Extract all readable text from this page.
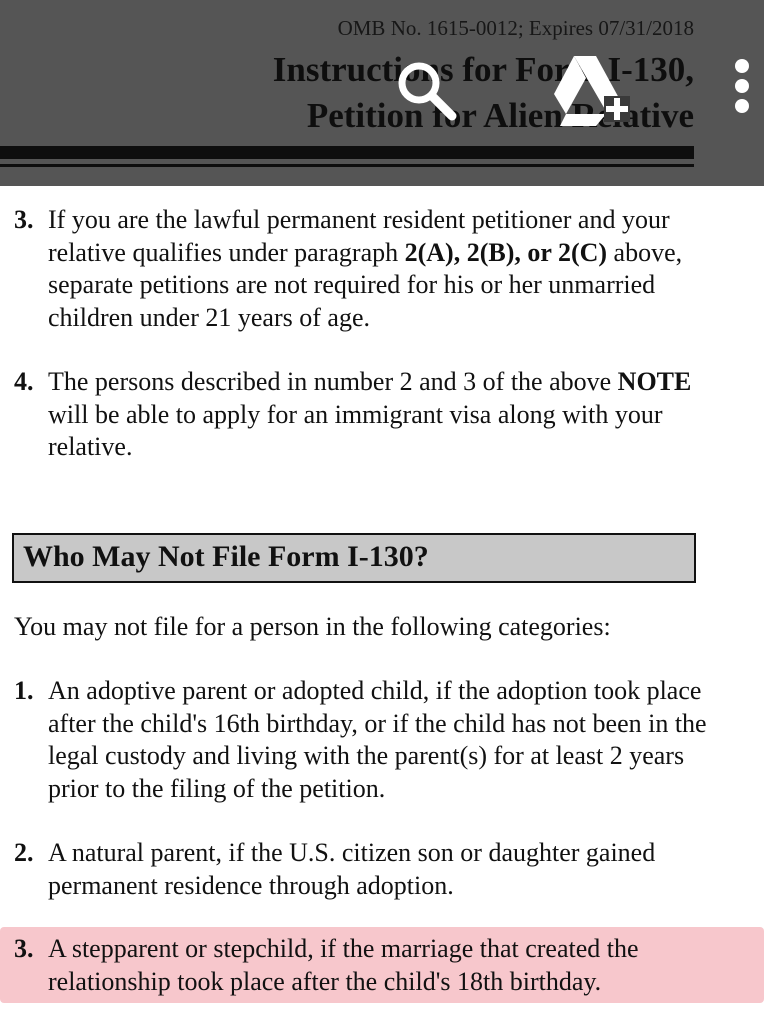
3. If you are the lawful permanent resident petitioner and your relative qualifies under paragraph 2(A), 2(B), or 2(C) above, separate petitions are not required for his or her unmarried children under 21 years of age.
4. The persons described in number 2 and 3 of the above NOTE will be able to apply for an immigrant visa along with your relative.
Who May Not File Form I-130?
You may not file for a person in the following categories:
1. An adoptive parent or adopted child, if the adoption took place after the child's 16th birthday, or if the child has not been in the legal custody and living with the parent(s) for at least 2 years prior to the filing of the petition.
2. A natural parent, if the U.S. citizen son or daughter gained permanent residence through adoption.
3. A stepparent or stepchild, if the marriage that created the relationship took place after the child's 18th birthday.
